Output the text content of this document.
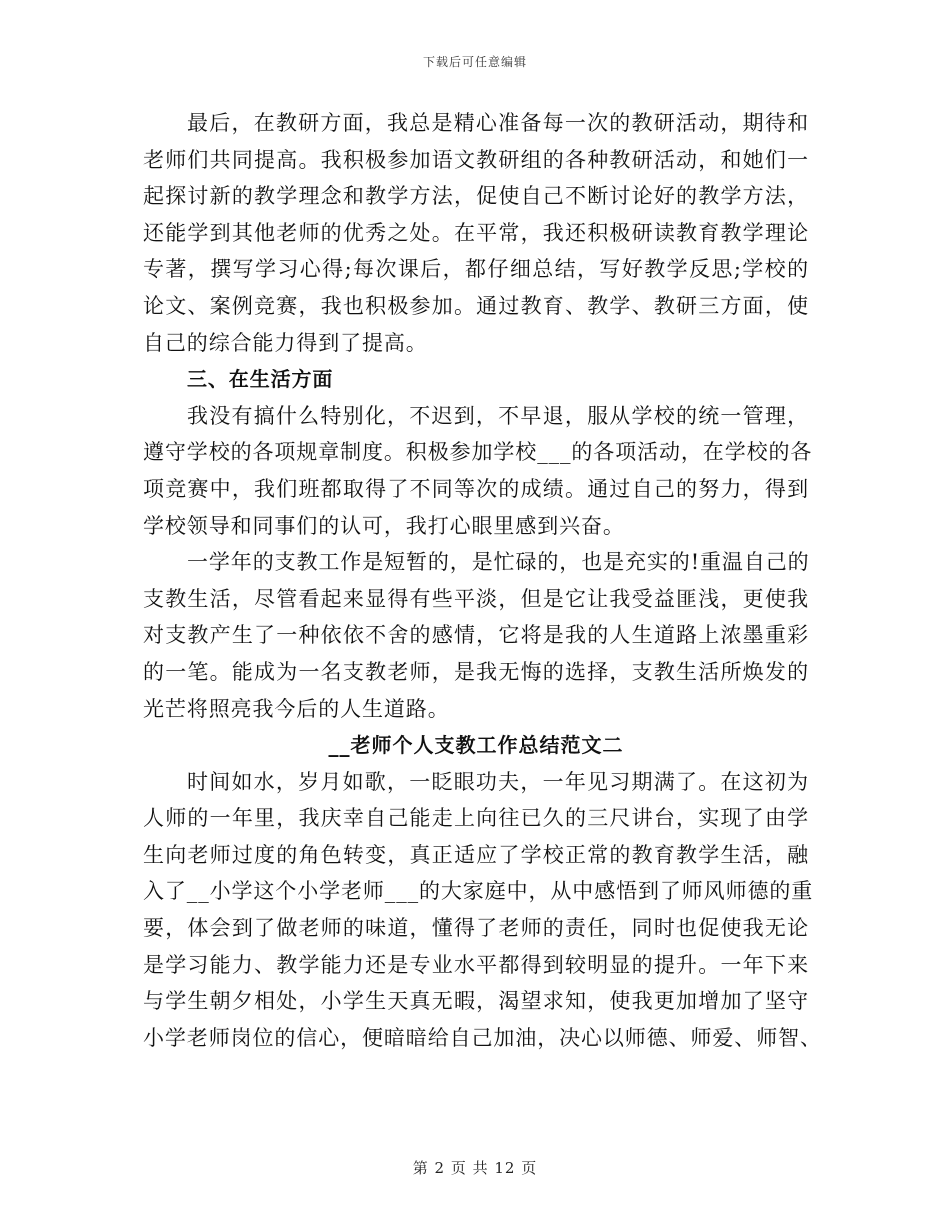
下载后可任意编辑
最后，在教研方面，我总是精心准备每一次的教研活动，期待和
老师们共同提高。我积极参加语文教研组的各种教研活动，和她们一
起探讨新的教学理念和教学方法，促使自己不断讨论好的教学方法，
还能学到其他老师的优秀之处。在平常，我还积极研读教育教学理论
专著，撰写学习心得;每次课后，都仔细总结，写好教学反思;学校的
论文、案例竞赛，我也积极参加。通过教育、教学、教研三方面，使
自己的综合能力得到了提高。
三、在生活方面
我没有搞什么特别化，不迟到，不早退，服从学校的统一管理，
遵守学校的各项规章制度。积极参加学校___的各项活动，在学校的各
项竞赛中，我们班都取得了不同等次的成绩。通过自己的努力，得到
学校领导和同事们的认可，我打心眼里感到兴奋。
一学年的支教工作是短暂的，是忙碌的，也是充实的!重温自己的
支教生活，尽管看起来显得有些平淡，但是它让我受益匪浅，更使我
对支教产生了一种依依不舍的感情，它将是我的人生道路上浓墨重彩
的一笔。能成为一名支教老师，是我无悔的选择，支教生活所焕发的
光芒将照亮我今后的人生道路。
__老师个人支教工作总结范文二
时间如水，岁月如歌，一眨眼功夫，一年见习期满了。在这初为
人师的一年里，我庆幸自己能走上向往已久的三尺讲台，实现了由学
生向老师过度的角色转变，真正适应了学校正常的教育教学生活，融
入了__小学这个小学老师___的大家庭中，从中感悟到了师风师德的重
要，体会到了做老师的味道，懂得了老师的责任，同时也促使我无论
是学习能力、教学能力还是专业水平都得到较明显的提升。一年下来
与学生朝夕相处，小学生天真无暇，渴望求知，使我更加增加了坚守
小学老师岗位的信心，便暗暗给自己加油，决心以师德、师爱、师智、
第 2 页 共 12 页
